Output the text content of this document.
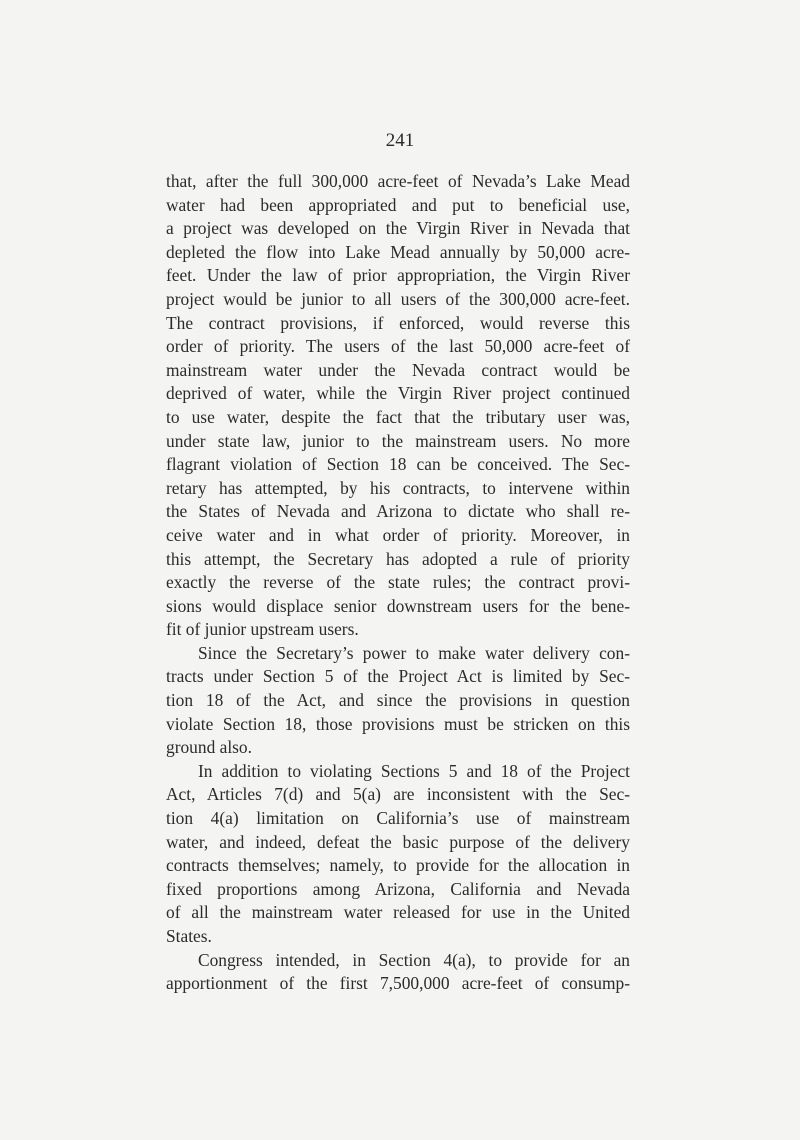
241
that, after the full 300,000 acre-feet of Nevada’s Lake Mead
water had been appropriated and put to beneficial use,
a project was developed on the Virgin River in Nevada that
depleted the flow into Lake Mead annually by 50,000 acre-
feet. Under the law of prior appropriation, the Virgin River
project would be junior to all users of the 300,000 acre-feet.
The contract provisions, if enforced, would reverse this
order of priority. The users of the last 50,000 acre-feet of
mainstream water under the Nevada contract would be
deprived of water, while the Virgin River project continued
to use water, despite the fact that the tributary user was,
under state law, junior to the mainstream users. No more
flagrant violation of Section 18 can be conceived. The Sec-
retary has attempted, by his contracts, to intervene within
the States of Nevada and Arizona to dictate who shall re-
ceive water and in what order of priority. Moreover, in
this attempt, the Secretary has adopted a rule of priority
exactly the reverse of the state rules; the contract provi-
sions would displace senior downstream users for the bene-
fit of junior upstream users.
Since the Secretary’s power to make water delivery con-
tracts under Section 5 of the Project Act is limited by Sec-
tion 18 of the Act, and since the provisions in question
violate Section 18, those provisions must be stricken on this
ground also.
In addition to violating Sections 5 and 18 of the Project
Act, Articles 7(d) and 5(a) are inconsistent with the Sec-
tion 4(a) limitation on California’s use of mainstream
water, and indeed, defeat the basic purpose of the delivery
contracts themselves; namely, to provide for the allocation in
fixed proportions among Arizona, California and Nevada
of all the mainstream water released for use in the United
States.
Congress intended, in Section 4(a), to provide for an
apportionment of the first 7,500,000 acre-feet of consump-
